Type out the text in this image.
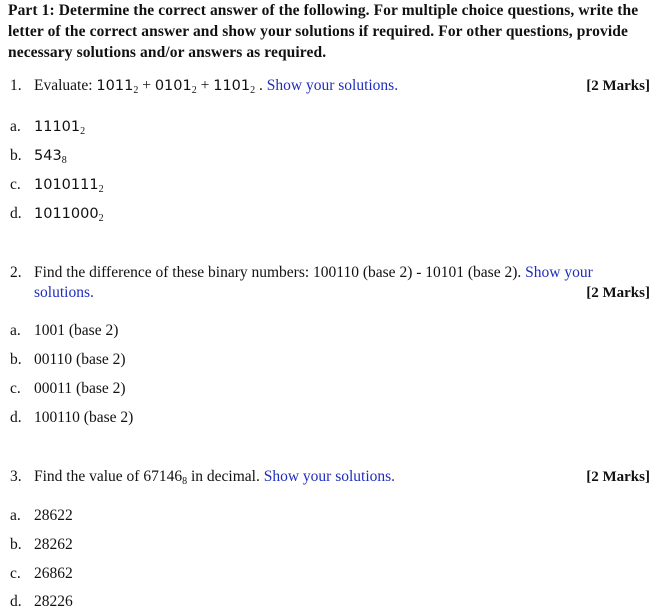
Part 1: Determine the correct answer of the following. For multiple choice questions, write the letter of the correct answer and show your solutions if required. For other questions, provide necessary solutions and/or answers as required.
1. Evaluate: $1011_2 + 0101_2 + 1101_2$ . Show your solutions.	[2 Marks]
a. $11101_2$
b. $543_8$
c. $1010111_2$
d. $1011000_2$
2. Find the difference of these binary numbers: 100110 (base 2) - 10101 (base 2). Show your
solutions.	[2 Marks]
a. 1001 (base 2)
b. 00110 (base 2)
c. 00011 (base 2)
d. 100110 (base 2)
3. Find the value of $67146_8$ in decimal. Show your solutions.	[2 Marks]
a. 28622
b. 28262
c. 26862
d. 28226
